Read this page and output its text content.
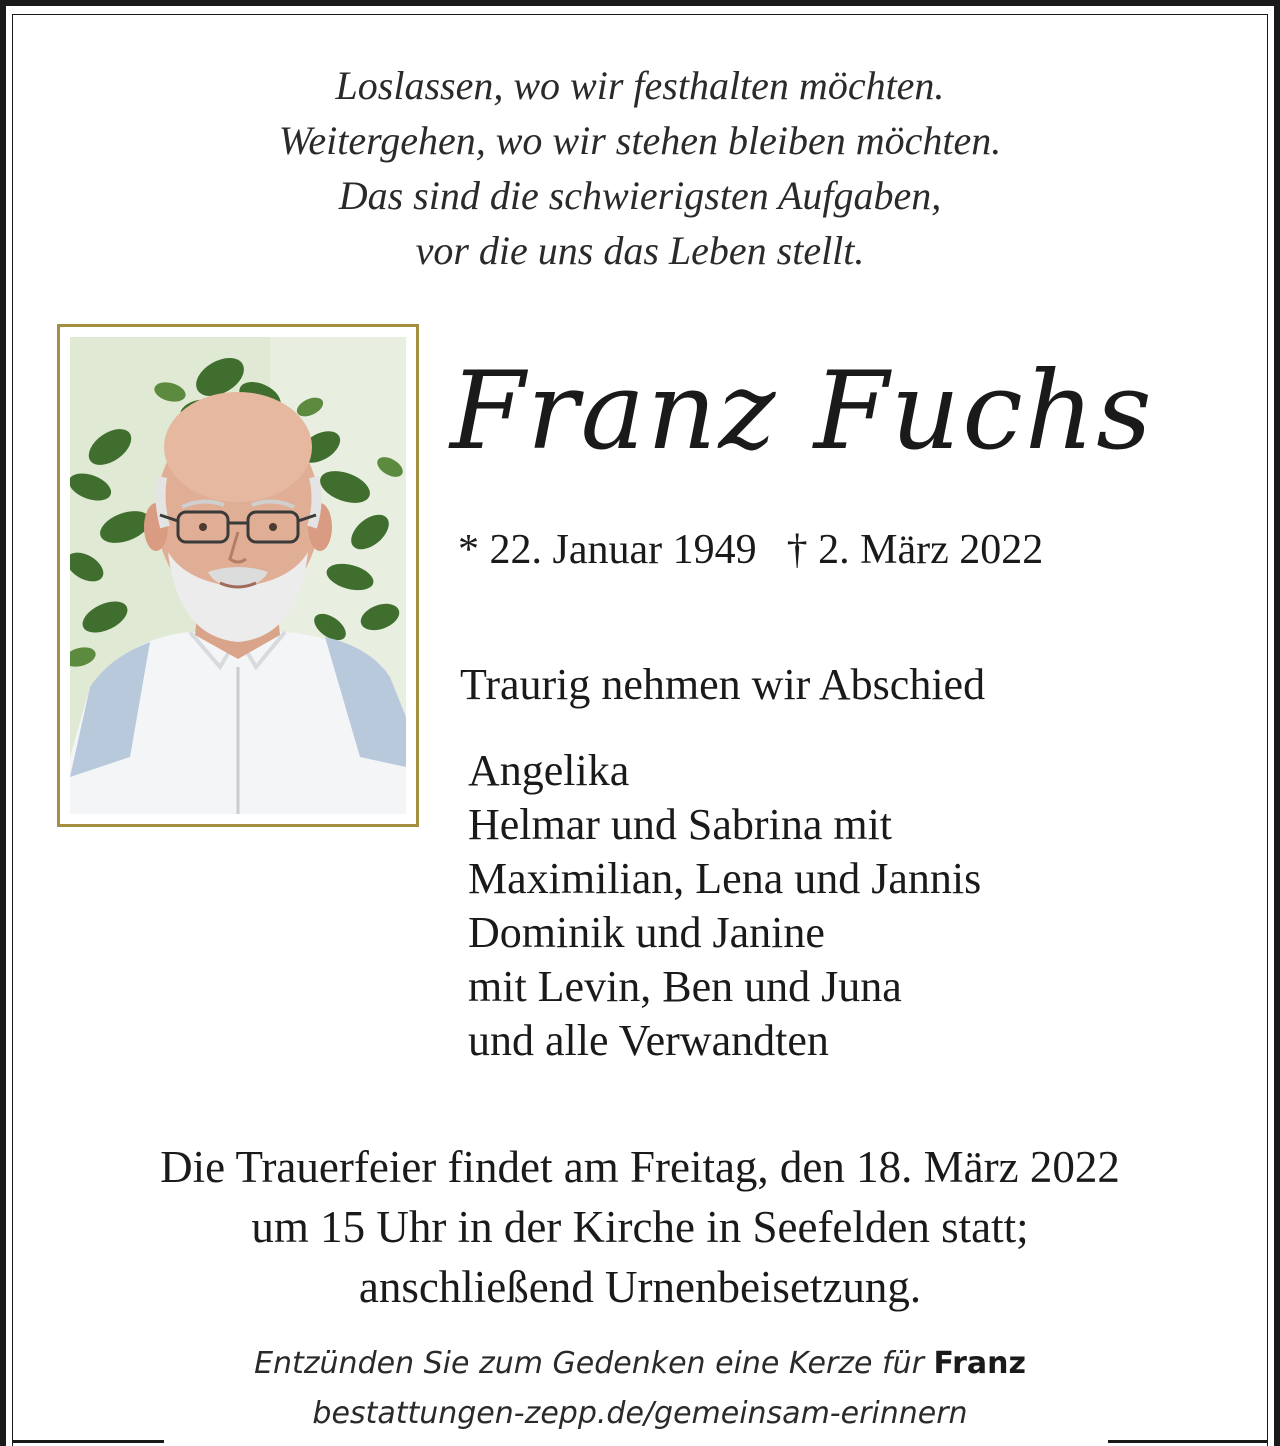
Loslassen, wo wir festhalten möchten.
Weitergehen, wo wir stehen bleiben möchten.
Das sind die schwierigsten Aufgaben,
vor die uns das Leben stellt.
Franz Fuchs
* 22. Januar 1949 † 2. März 2022
Traurig nehmen wir Abschied
Angelika
Helmar und Sabrina mit
Maximilian, Lena und Jannis
Dominik und Janine
mit Levin, Ben und Juna
und alle Verwandten
Die Trauerfeier findet am Freitag, den 18. März 2022
um 15 Uhr in der Kirche in Seefelden statt;
anschließend Urnenbeisetzung.
Entzünden Sie zum Gedenken eine Kerze für Franz
bestattungen-zepp.de/gemeinsam-erinnern
